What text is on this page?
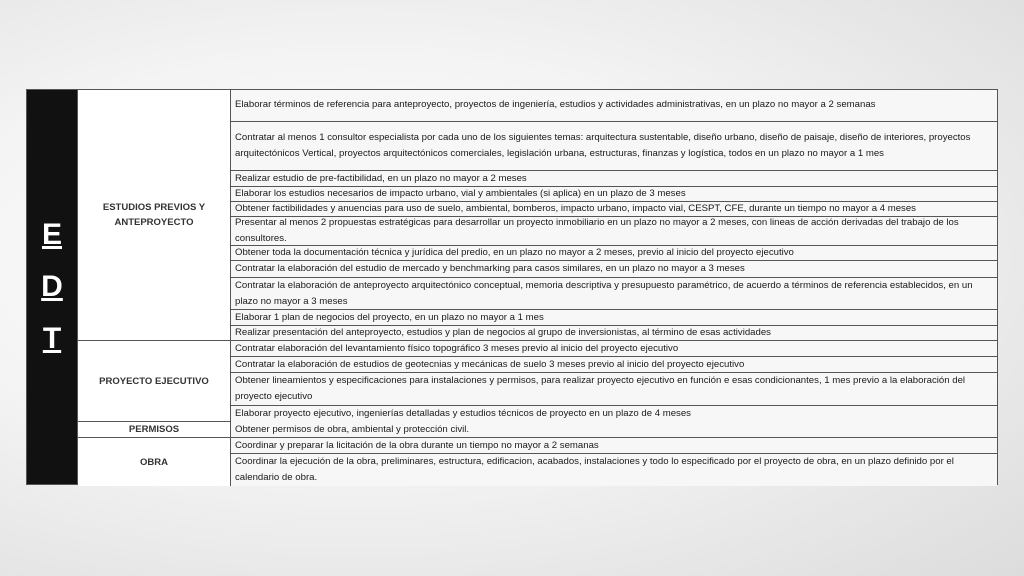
E
D
T
ESTUDIOS PREVIOS Y ANTEPROYECTO
Elaborar términos de referencia para anteproyecto, proyectos de ingeniería, estudios y actividades administrativas, en un plazo no mayor a 2 semanas
Contratar al menos 1 consultor especialista por cada uno de los siguientes temas: arquitectura sustentable, diseño urbano, diseño de paisaje, diseño de interiores, proyectos arquitectónicos Vertical, proyectos arquitectónicos comerciales, legislación urbana, estructuras, finanzas y logística, todos en un plazo no mayor a 1 mes
Realizar estudio de pre-factibilidad, en un plazo no mayor a 2 meses
Elaborar los estudios necesarios de impacto urbano, vial y ambientales (si aplica) en un plazo de 3 meses
Obtener factibilidades y anuencias para uso de suelo, ambiental, bomberos, impacto urbano, impacto vial, CESPT, CFE, durante un tiempo no mayor a 4 meses
Presentar al menos 2 propuestas estratégicas para desarrollar un proyecto inmobiliario en un plazo no mayor a 2 meses, con lineas de acción derivadas del trabajo de los consultores.
Obtener toda la documentación técnica y jurídica del predio, en un plazo no mayor a 2 meses, previo al inicio del proyecto ejecutivo
Contratar la elaboración del estudio de mercado y benchmarking para casos similares, en un plazo no mayor a 3 meses
Contratar la elaboración de anteproyecto arquitectónico conceptual, memoria descriptiva y presupuesto paramétrico, de acuerdo a términos de referencia establecidos, en un plazo no mayor a 3 meses
Elaborar 1 plan de negocios del proyecto, en un plazo no mayor a 1 mes
Realizar presentación del anteproyecto, estudios y plan de negocios al grupo de inversionistas, al término de esas actividades
PROYECTO EJECUTIVO
Contratar elaboración del levantamiento físico topográfico 3 meses previo al inicio del proyecto ejecutivo
Contratar la elaboración de estudios de geotecnias y mecánicas de suelo 3 meses previo al inicio del proyecto ejecutivo
Obtener lineamientos y especificaciones para instalaciones y permisos, para realizar proyecto ejecutivo en función e esas condicionantes, 1 mes previo a la elaboración del proyecto ejecutivo
Elaborar proyecto ejecutivo, ingenierías detalladas y estudios técnicos de proyecto en un plazo de 4 meses
PERMISOS	Obtener permisos de obra, ambiental y protección civil.
OBRA
Coordinar y preparar la licitación de la obra durante un tiempo no mayor a 2 semanas
Coordinar la ejecución de la obra, preliminares, estructura, edificacion, acabados, instalaciones y todo lo especificado por el proyecto de obra, en un plazo definido por el calendario de obra.
